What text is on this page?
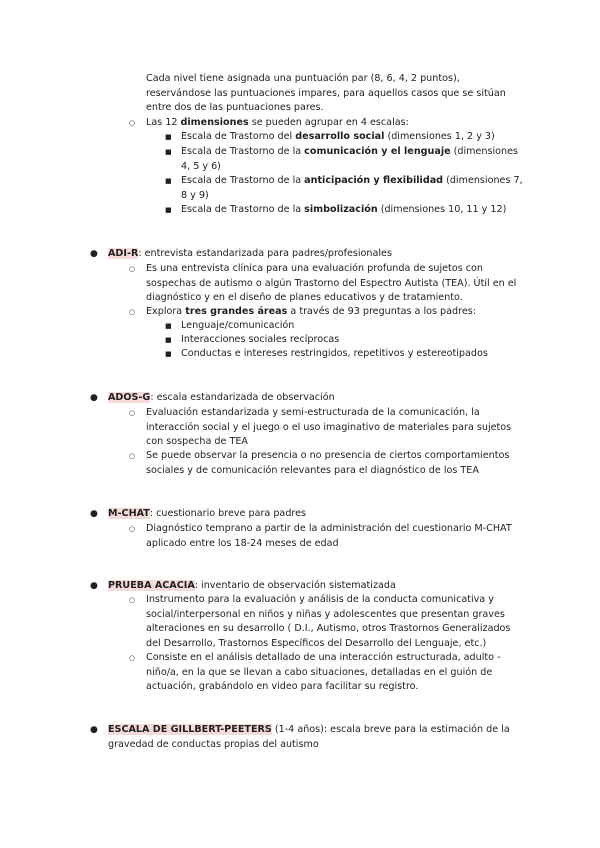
Cada nivel tiene asignada una puntuación par (8, 6, 4, 2 puntos), reservándose las puntuaciones impares, para aquellos casos que se sitúan entre dos de las puntuaciones pares.
○ Las 12 dimensiones se pueden agrupar en 4 escalas:
■ Escala de Trastorno del desarrollo social (dimensiones 1, 2 y 3)
■ Escala de Trastorno de la comunicación y el lenguaje (dimensiones 4, 5 y 6)
■ Escala de Trastorno de la anticipación y flexibilidad (dimensiones 7, 8 y 9)
■ Escala de Trastorno de la simbolización (dimensiones 10, 11 y 12)
● ADI-R: entrevista estandarizada para padres/profesionales
○ Es una entrevista clínica para una evaluación profunda de sujetos con sospechas de autismo o algún Trastorno del Espectro Autista (TEA). Útil en el diagnóstico y en el diseño de planes educativos y de tratamiento.
○ Explora tres grandes áreas a través de 93 preguntas a los padres:
■ Lenguaje/comunicación
■ Interacciones sociales recíprocas
■ Conductas e intereses restringidos, repetitivos y estereotipados
● ADOS-G: escala estandarizada de observación
○ Evaluación estandarizada y semi-estructurada de la comunicación, la interacción social y el juego o el uso imaginativo de materiales para sujetos con sospecha de TEA
○ Se puede observar la presencia o no presencia de ciertos comportamientos sociales y de comunicación relevantes para el diagnóstico de los TEA
● M-CHAT: cuestionario breve para padres
○ Diagnóstico temprano a partir de la administración del cuestionario M-CHAT aplicado entre los 18-24 meses de edad
● PRUEBA ACACIA: inventario de observación sistematizada
○ Instrumento para la evaluación y análisis de la conducta comunicativa y social/interpersonal en niños y niñas y adolescentes que presentan graves alteraciones en su desarrollo ( D.I., Autismo, otros Trastornos Generalizados del Desarrollo, Trastornos Específicos del Desarrollo del Lenguaje, etc.)
○ Consiste en el análisis detallado de una interacción estructurada, adulto - niño/a, en la que se llevan a cabo situaciones, detalladas en el guión de actuación, grabándolo en video para facilitar su registro.
● ESCALA DE GILLBERT-PEETERS (1-4 años): escala breve para la estimación de la gravedad de conductas propias del autismo
